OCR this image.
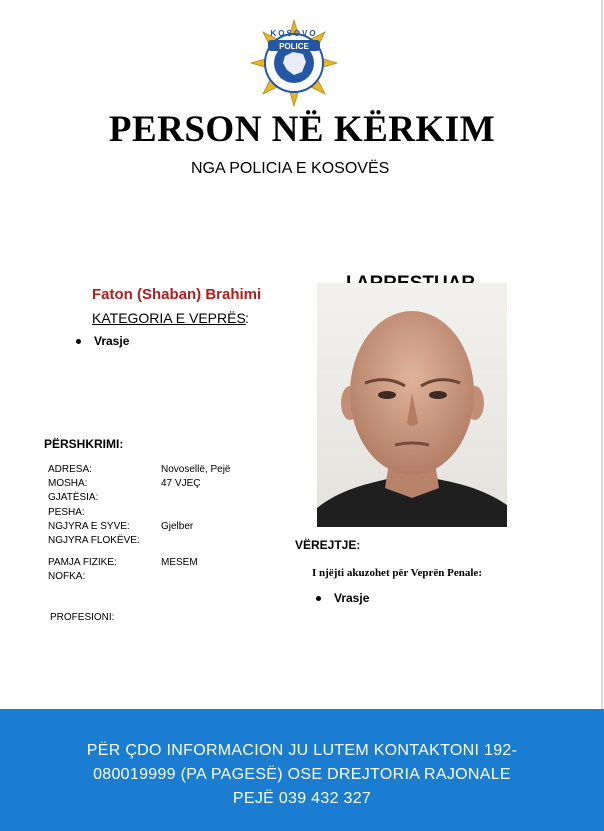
POLICE
KOSOVO
PERSON NË KËRKIM
NGA POLICIA E KOSOVËS
Faton (Shaban) Brahimi
KATEGORIA E VEPRËS :
Vrasje
PËRSHKRIMI:
ADRESA:	Novosellë, Pejë
MOSHA:	47 VJEÇ
GJATËSIA:
PESHA:
NGJYRA E SYVE:	Gjelber
NGJYRA FLOKËVE:
PAMJA FIZIKE:	MESEM
NOFKA:
PROFESIONI:
VËREJTJE:
I njëjti akuzohet për Veprën Penale:
Vrasje
PËR ÇDO INFORMACION JU LUTEM KONTAKTONI 192-
080019999 (PA PAGESË) OSE DREJTORIA RAJONALE
PEJË 039 432 327
